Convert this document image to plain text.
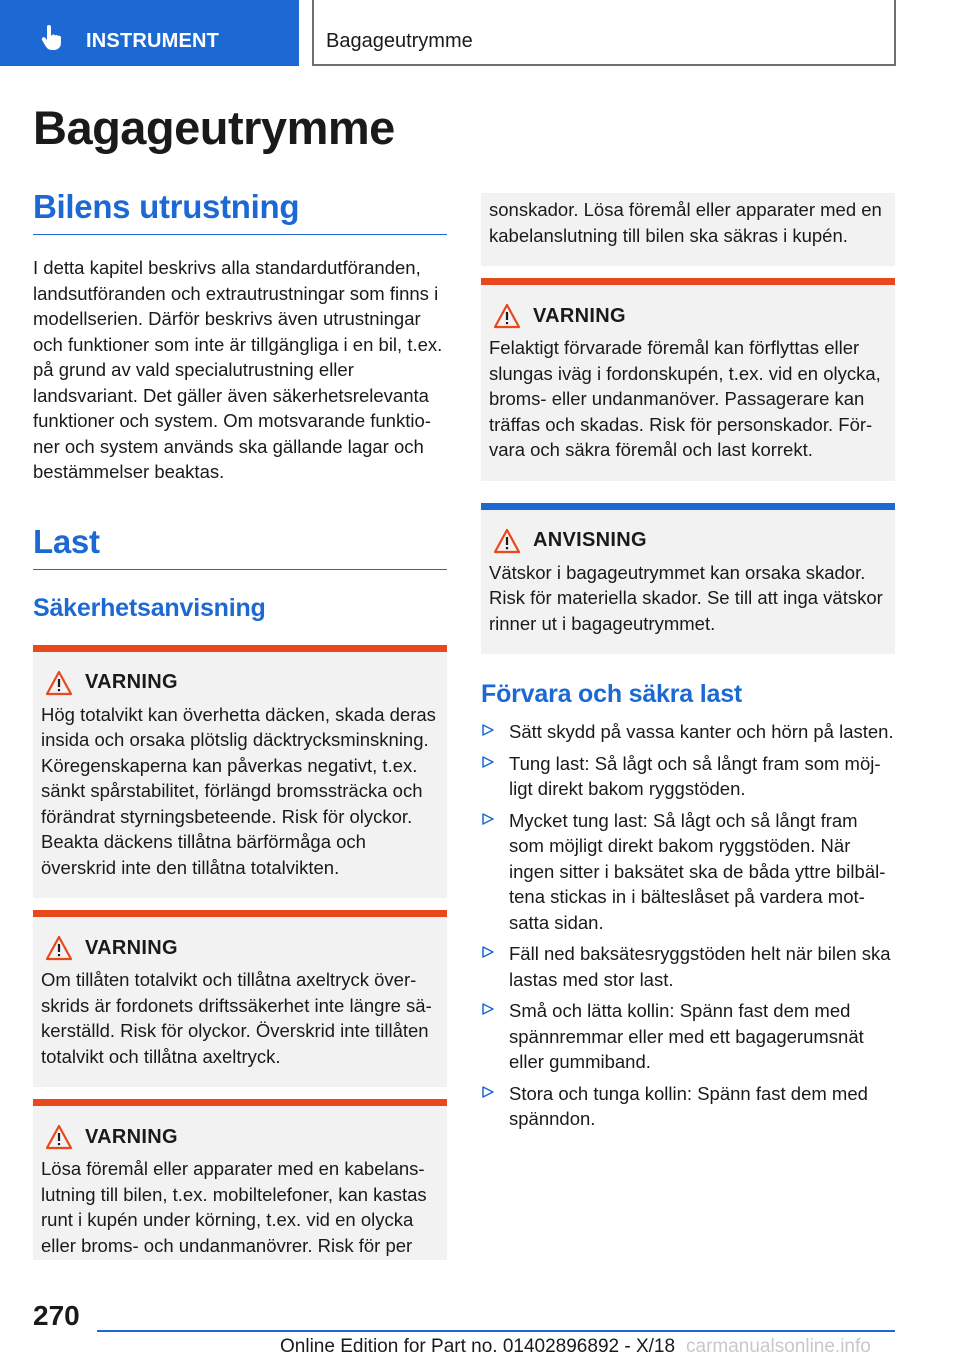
INSTRUMENT	Bagageutrymme
Bagageutrymme
Bilens utrustning

I detta kapitel beskrivs alla standardutföranden, landsutföranden och extrautrustningar som finns i modellserien. Därför beskrivs även utrustningar och funktioner som inte är tillgängliga i en bil, t.ex. på grund av vald specialutrustning eller landsvariant. Det gäller även säkerhetsrelevanta funktioner och system. Om motsvarande funktioner och system används ska gällande lagar och bestämmelser beaktas.

Last
Säkerhetsanvisning
VARNING

Hög totalvikt kan överhetta däcken, skada deras insida och orsaka plötslig däcktrycksminskning. Köregenskaperna kan påverkas negativt, t.ex. sänkt spårstabilitet, förlängd bromssträcka och förändrat styrningsbeteende. Risk för olyckor. Beakta däckens tillåtna bärförmåga och överskrid inte den tillåtna totalvikten.

VARNING

Om tillåten totalvikt och tillåtna axeltryck överskrids är fordonets driftssäkerhet inte längre säkerställd. Risk för olyckor. Överskrid inte tillåten totalvikt och tillåtna axeltryck.

VARNING

Lösa föremål eller apparater med en kabelanslutning till bilen, t.ex. mobiltelefoner, kan kastas runt i kupén under körning, t.ex. vid en olycka eller broms- och undanmanövrer. Risk för per

sonskador. Lösa föremål eller apparater med en kabelanslutning till bilen ska säkras i kupén.

VARNING

Felaktigt förvarade föremål kan förflyttas eller slungas iväg i fordonskupén, t.ex. vid en olycka, broms- eller undanmanöver. Passagerare kan träffas och skadas. Risk för personskador. Förvara och säkra föremål och last korrekt.

ANVISNING

Vätskor i bagageutrymmet kan orsaka skador. Risk för materiella skador. Se till att inga vätskor rinner ut i bagageutrymmet.

Förvara och säkra last
Sätt skydd på vassa kanter och hörn på lasten.
Tung last: Så lågt och så långt fram som möjligt direkt bakom ryggstöden.
Mycket tung last: Så lågt och så långt fram som möjligt direkt bakom ryggstöden. När ingen sitter i baksätet ska de båda yttre bilbältena stickas in i bälteslåset på vardera motsatta sidan.
Fäll ned baksätesryggstöden helt när bilen ska lastas med stor last.
Små och lätta kollin: Spänn fast dem med spännremmar eller med ett bagagerumsnät eller gummiband.
Stora och tunga kollin: Spänn fast dem med spänndon.
270
Online Edition for Part no. 01402896892 - X/18 carmanualsonline.info
